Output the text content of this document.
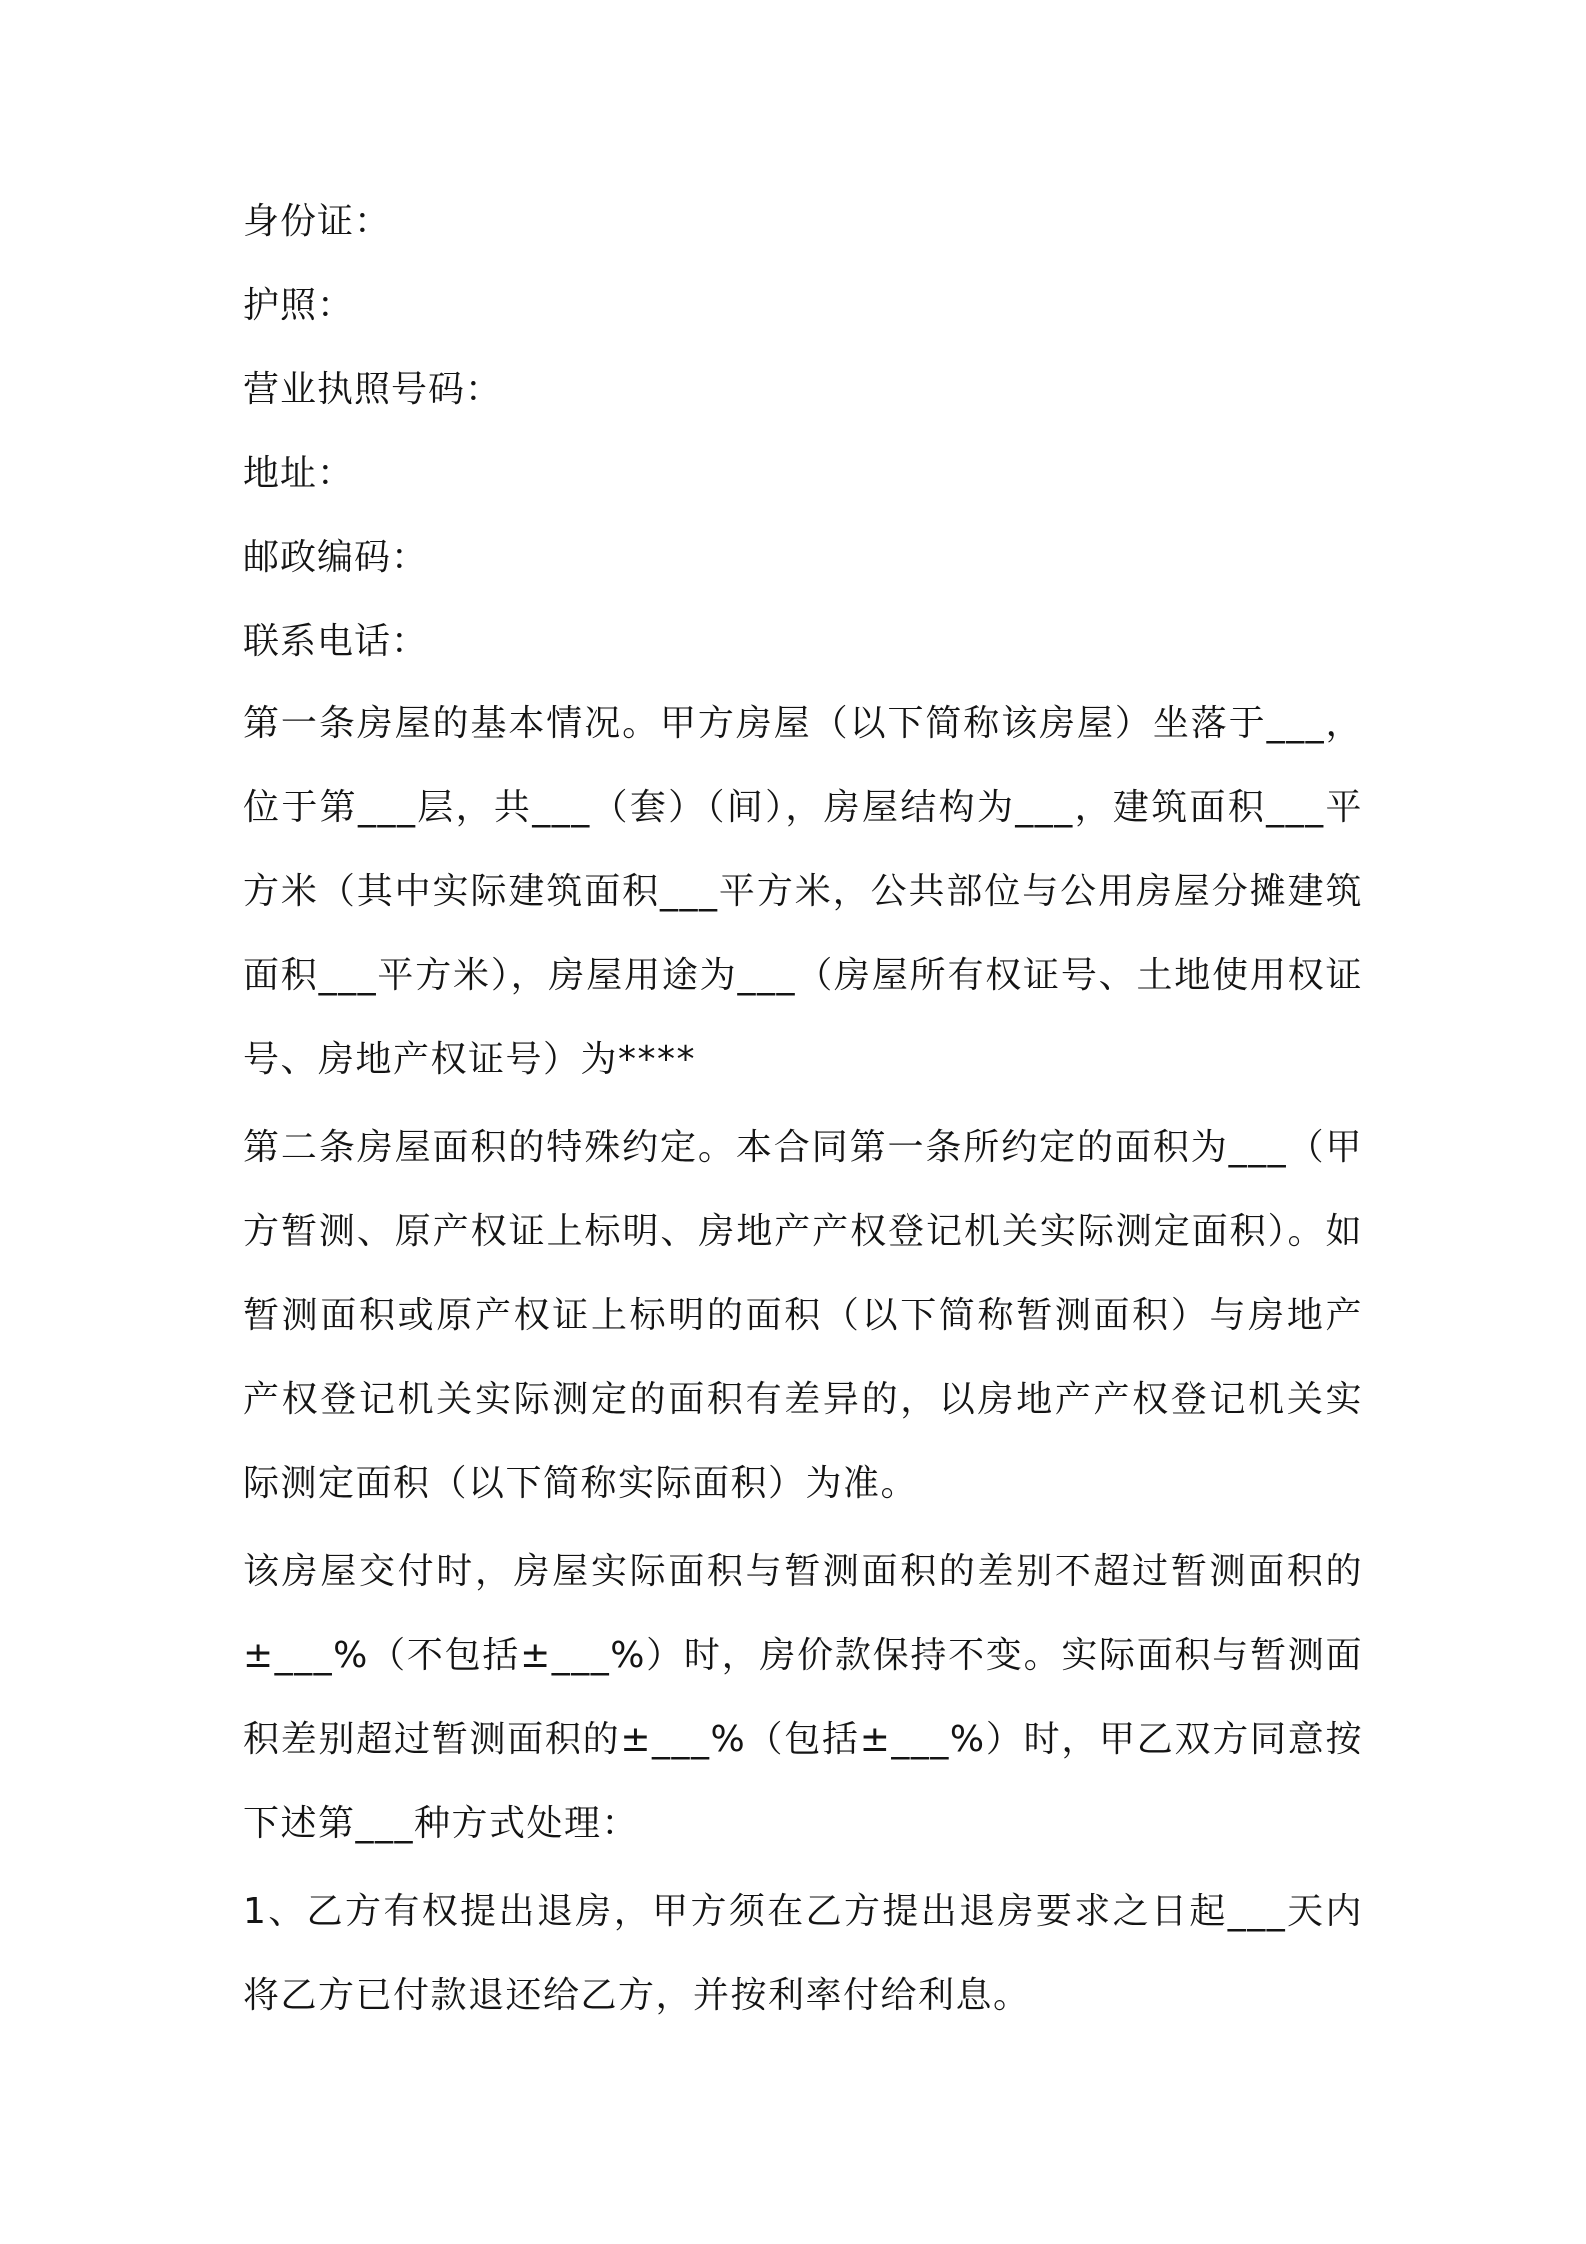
身份证：
护照：
营业执照号码：
地址：
邮政编码：
联系电话：

第一条房屋的基本情况。甲方房屋（以下简称该房屋）坐落于___，位于第___层，共___（套）（间），房屋结构为___，建筑面积___平方米（其中实际建筑面积___平方米，公共部位与公用房屋分摊建筑面积___平方米），房屋用途为___（房屋所有权证号、土地使用权证号、房地产权证号）为****

第二条房屋面积的特殊约定。本合同第一条所约定的面积为___（甲方暂测、原产权证上标明、房地产产权登记机关实际测定面积）。如暂测面积或原产权证上标明的面积（以下简称暂测面积）与房地产产权登记机关实际测定的面积有差异的，以房地产产权登记机关实际测定面积（以下简称实际面积）为准。

该房屋交付时，房屋实际面积与暂测面积的差别不超过暂测面积的±___%（不包括±___%）时，房价款保持不变。实际面积与暂测面积差别超过暂测面积的±___%（包括±___%）时，甲乙双方同意按下述第___种方式处理：

1、乙方有权提出退房，甲方须在乙方提出退房要求之日起___天内将乙方已付款退还给乙方，并按利率付给利息。
